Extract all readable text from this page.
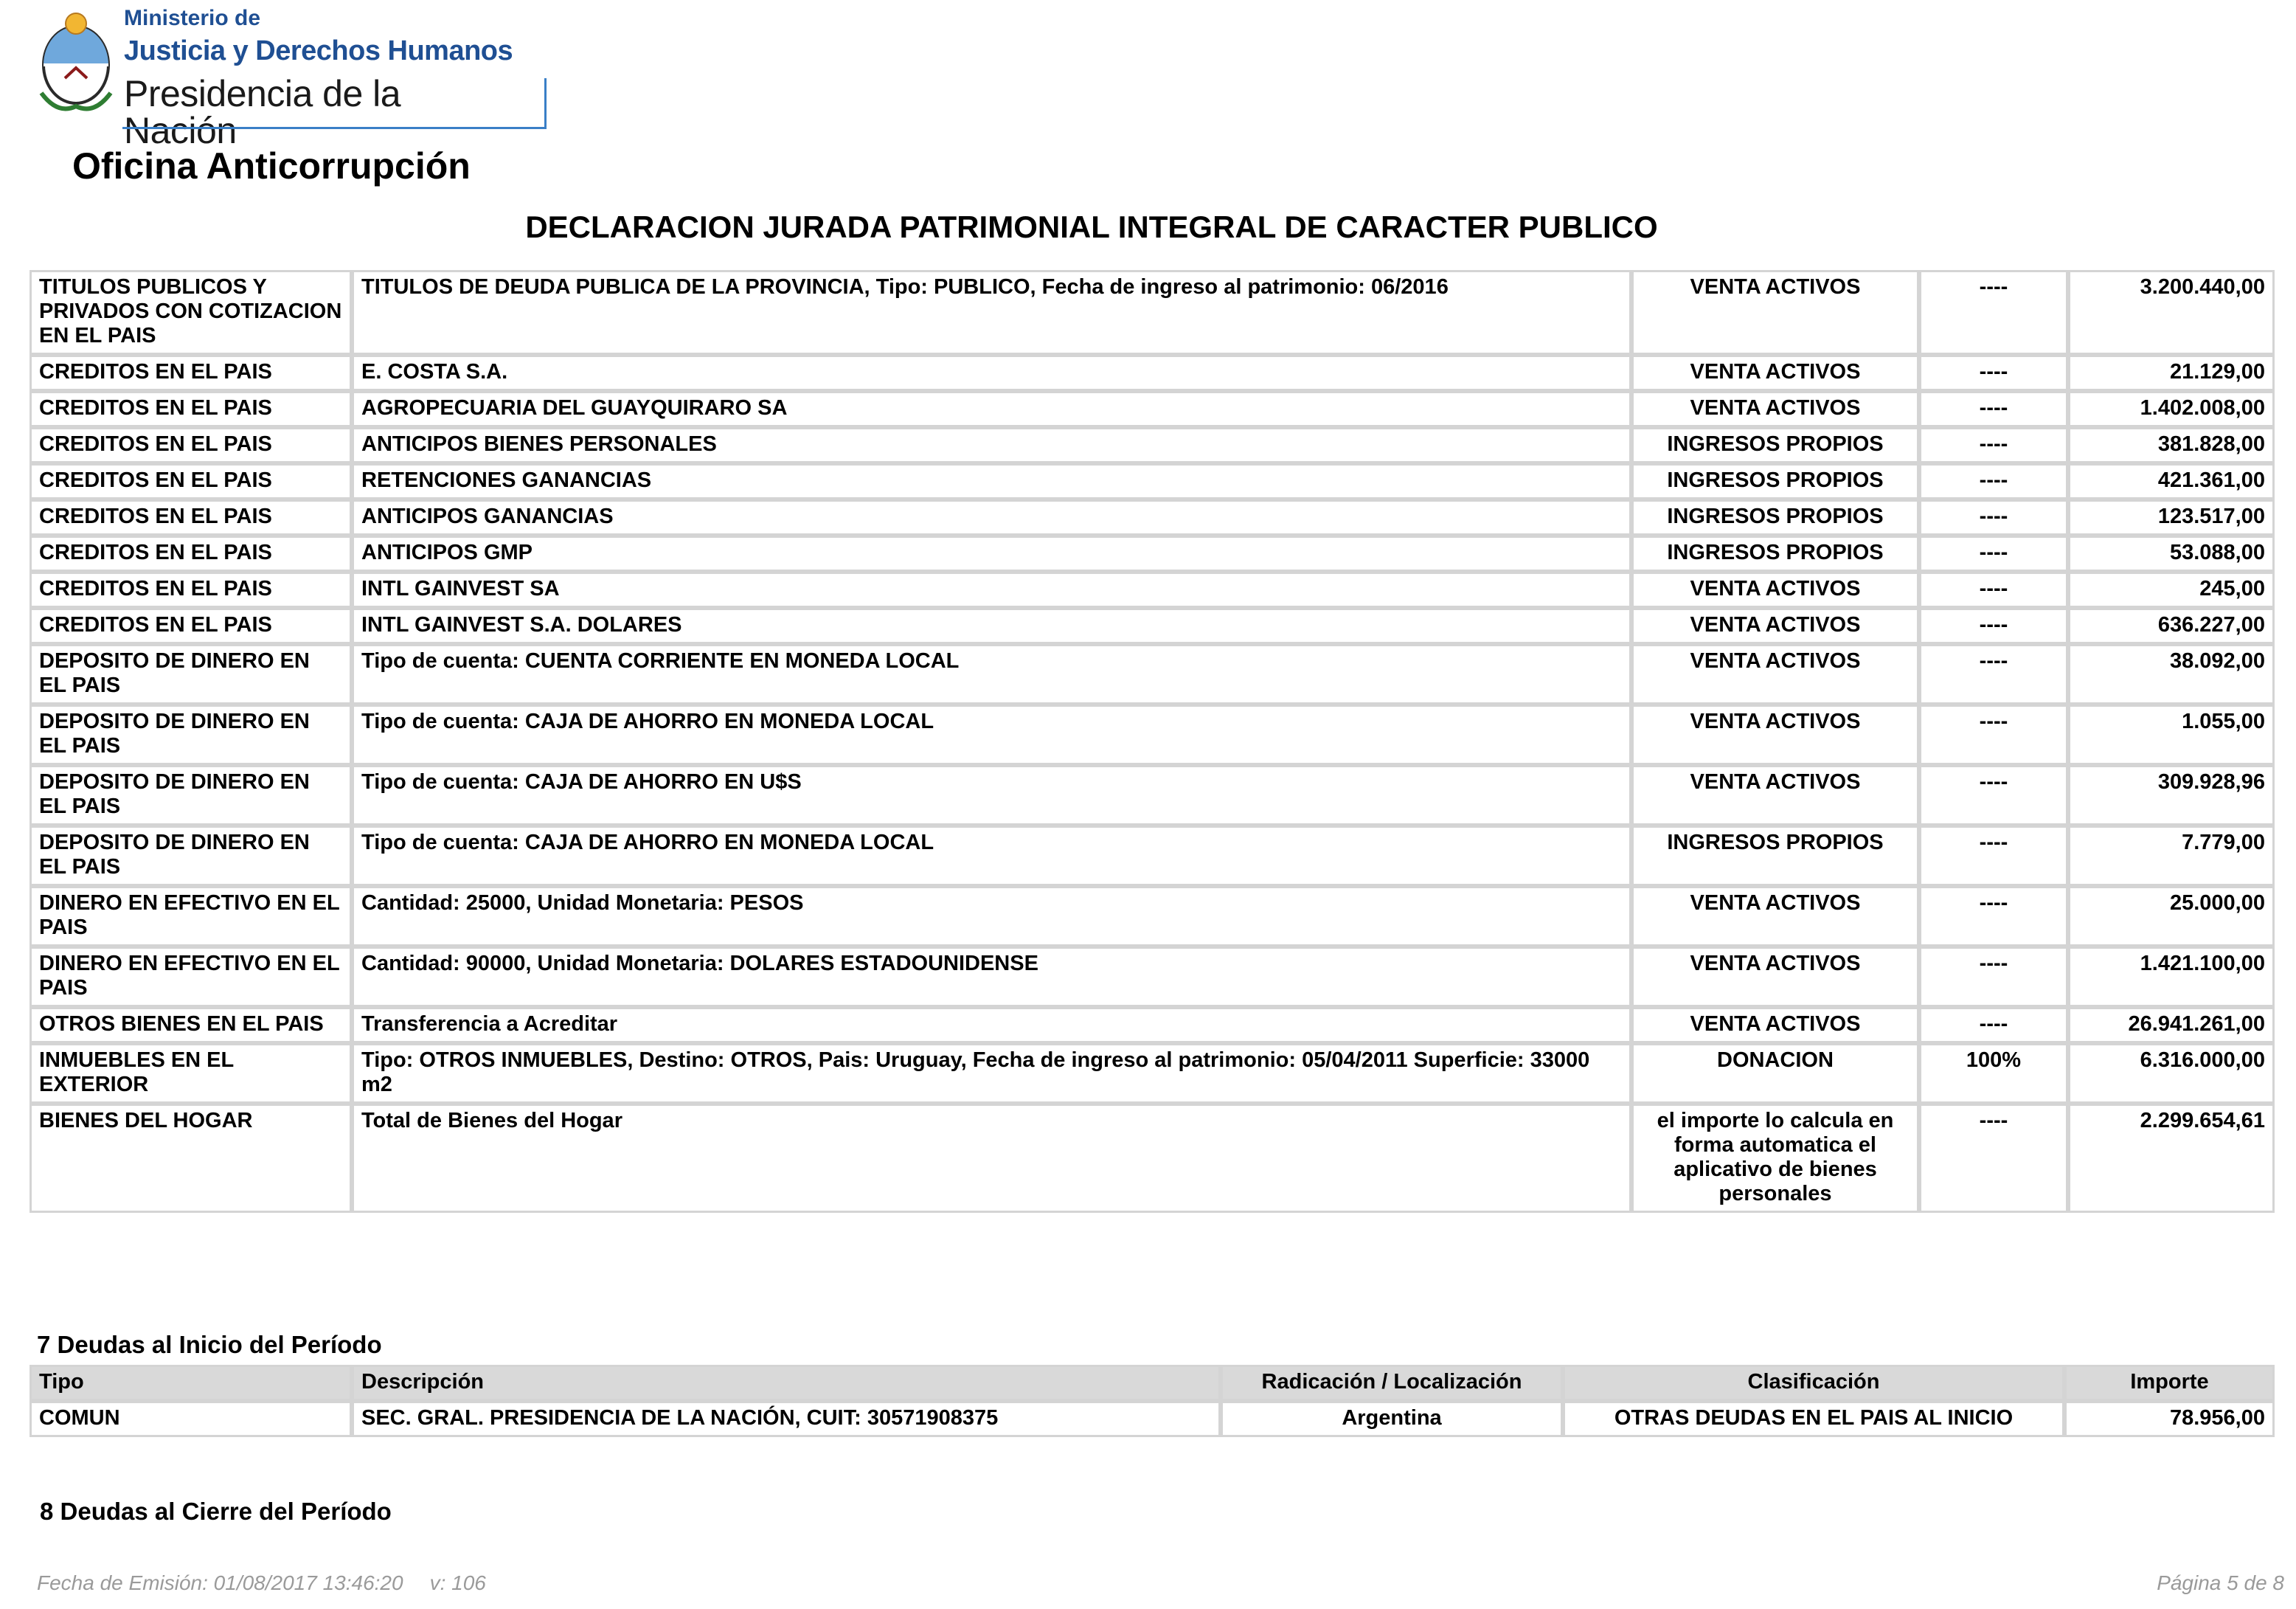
Ministerio de
Justicia y Derechos Humanos
Presidencia de la Nación
Oficina Anticorrupción
DECLARACION JURADA PATRIMONIAL INTEGRAL DE CARACTER PUBLICO
TITULOS PUBLICOS Y PRIVADOS CON COTIZACION EN EL PAIS	TITULOS DE DEUDA PUBLICA DE LA PROVINCIA, Tipo: PUBLICO, Fecha de ingreso al patrimonio: 06/2016	VENTA ACTIVOS	----	3.200.440,00
CREDITOS EN EL PAIS	E. COSTA S.A.	VENTA ACTIVOS	----	21.129,00
CREDITOS EN EL PAIS	AGROPECUARIA DEL GUAYQUIRARO SA	VENTA ACTIVOS	----	1.402.008,00
CREDITOS EN EL PAIS	ANTICIPOS BIENES PERSONALES	INGRESOS PROPIOS	----	381.828,00
CREDITOS EN EL PAIS	RETENCIONES GANANCIAS	INGRESOS PROPIOS	----	421.361,00
CREDITOS EN EL PAIS	ANTICIPOS GANANCIAS	INGRESOS PROPIOS	----	123.517,00
CREDITOS EN EL PAIS	ANTICIPOS GMP	INGRESOS PROPIOS	----	53.088,00
CREDITOS EN EL PAIS	INTL GAINVEST SA	VENTA ACTIVOS	----	245,00
CREDITOS EN EL PAIS	INTL GAINVEST S.A. DOLARES	VENTA ACTIVOS	----	636.227,00
DEPOSITO DE DINERO EN EL PAIS	Tipo de cuenta: CUENTA CORRIENTE EN MONEDA LOCAL	VENTA ACTIVOS	----	38.092,00
DEPOSITO DE DINERO EN EL PAIS	Tipo de cuenta: CAJA DE AHORRO EN MONEDA LOCAL	VENTA ACTIVOS	----	1.055,00
DEPOSITO DE DINERO EN EL PAIS	Tipo de cuenta: CAJA DE AHORRO EN U$S	VENTA ACTIVOS	----	309.928,96
DEPOSITO DE DINERO EN EL PAIS	Tipo de cuenta: CAJA DE AHORRO EN MONEDA LOCAL	INGRESOS PROPIOS	----	7.779,00
DINERO EN EFECTIVO EN EL PAIS	Cantidad: 25000, Unidad Monetaria: PESOS	VENTA ACTIVOS	----	25.000,00
DINERO EN EFECTIVO EN EL PAIS	Cantidad: 90000, Unidad Monetaria: DOLARES ESTADOUNIDENSE	VENTA ACTIVOS	----	1.421.100,00
OTROS BIENES EN EL PAIS	Transferencia a Acreditar	VENTA ACTIVOS	----	26.941.261,00
INMUEBLES EN EL EXTERIOR	Tipo: OTROS INMUEBLES, Destino: OTROS, Pais: Uruguay, Fecha de ingreso al patrimonio: 05/04/2011 Superficie: 33000 m2	DONACION	100%	6.316.000,00
BIENES DEL HOGAR	Total de Bienes del Hogar	el importe lo calcula en forma automatica el aplicativo de bienes personales	----	2.299.654,61
7 Deudas al Inicio del Período
Tipo	Descripción	Radicación / Localización	Clasificación	Importe
COMUN	SEC. GRAL. PRESIDENCIA DE LA NACIÓN, CUIT: 30571908375	Argentina	OTRAS DEUDAS EN EL PAIS AL INICIO	78.956,00
8 Deudas al Cierre del Período
Fecha de Emisión: 01/08/2017 13:46:20 v: 106	Página 5 de 8
